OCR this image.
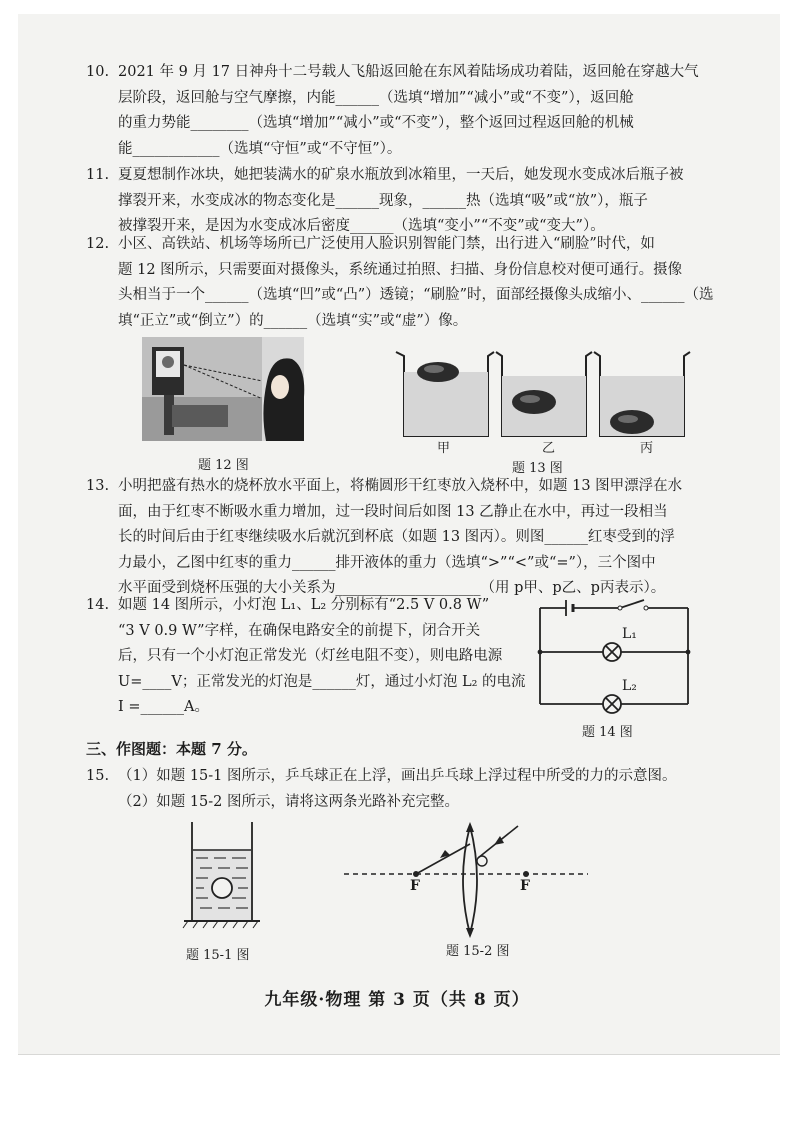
10. 2021 年 9 月 17 日神舟十二号载人飞船返回舱在东风着陆场成功着陆，返回舱在穿越大气
层阶段，返回舱与空气摩擦，内能______（选填“增加”“减小”或“不变”），返回舱
的重力势能________（选填“增加”“减小”或“不变”），整个返回过程返回舱的机械
能____________（选填“守恒”或“不守恒”）。
11. 夏夏想制作冰块，她把装满水的矿泉水瓶放到冰箱里，一天后，她发现水变成冰后瓶子被
撑裂开来，水变成冰的物态变化是______现象，______热（选填“吸”或“放”），瓶子
被撑裂开来，是因为水变成冰后密度______（选填“变小”“不变”或“变大”）。
12. 小区、高铁站、机场等场所已广泛使用人脸识别智能门禁，出行进入“刷脸”时代，如
题 12 图所示，只需要面对摄像头，系统通过拍照、扫描、身份信息校对便可通行。摄像
头相当于一个______（选填“凹”或“凸”）透镜；“刷脸”时，面部经摄像头成缩小、______（选
填“正立”或“倒立”）的______（选填“实”或“虚”）像。
题 12 图
甲	乙	丙
题 13 图
13. 小明把盛有热水的烧杯放水平面上，将椭圆形干红枣放入烧杯中，如题 13 图甲漂浮在水
面，由于红枣不断吸水重力增加，过一段时间后如图 13 乙静止在水中，再过一段相当
长的时间后由于红枣继续吸水后就沉到杯底（如题 13 图丙）。则图______红枣受到的浮
力最小，乙图中红枣的重力______排开液体的重力（选填“>”“<”或“=”），三个图中
水平面受到烧杯压强的大小关系为____________________（用 p甲、p乙、p丙表示）。
14. 如题 14 图所示，小灯泡 L₁、L₂ 分别标有“2.5 V 0.8 W”
“3 V 0.9 W”字样，在确保电路安全的前提下，闭合开关
后，只有一个小灯泡正常发光（灯丝电阻不变），则电路电源
U=____V；正常发光的灯泡是______灯，通过小灯泡 L₂ 的电流
I =______A。
L₁
L₂
题 14 图
三、作图题：本题 7 分。
15. （1）如题 15-1 图所示，乒乓球正在上浮，画出乒乓球上浮过程中所受的力的示意图。
（2）如题 15-2 图所示，请将这两条光路补充完整。
题 15-1 图
F	F
题 15-2 图
九年级·物理 第 3 页（共 8 页）
